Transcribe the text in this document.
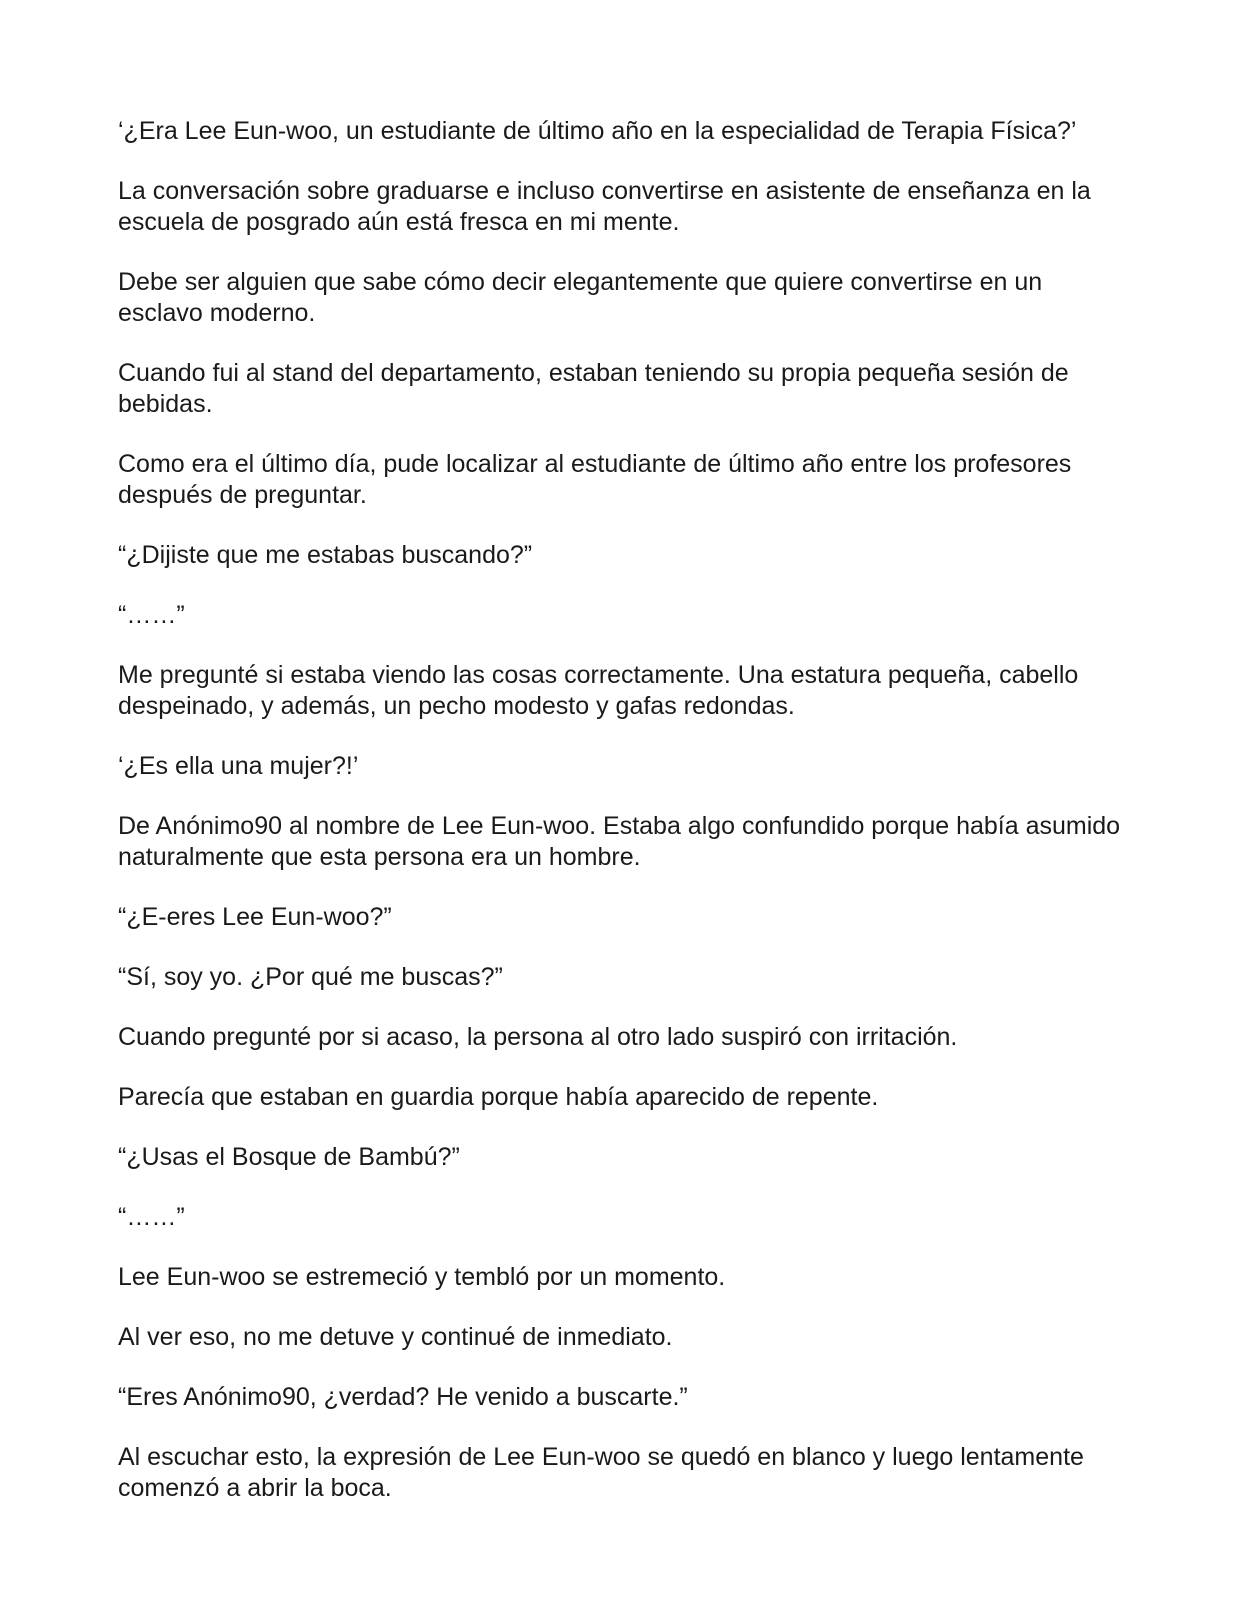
‘¿Era Lee Eun-woo, un estudiante de último año en la especialidad de Terapia Física?’

La conversación sobre graduarse e incluso convertirse en asistente de enseñanza en la escuela de posgrado aún está fresca en mi mente.

Debe ser alguien que sabe cómo decir elegantemente que quiere convertirse en un esclavo moderno.

Cuando fui al stand del departamento, estaban teniendo su propia pequeña sesión de bebidas.

Como era el último día, pude localizar al estudiante de último año entre los profesores después de preguntar.

“¿Dijiste que me estabas buscando?”

“……”

Me pregunté si estaba viendo las cosas correctamente. Una estatura pequeña, cabello despeinado, y además, un pecho modesto y gafas redondas.

‘¿Es ella una mujer?!’

De Anónimo90 al nombre de Lee Eun-woo. Estaba algo confundido porque había asumido naturalmente que esta persona era un hombre.

“¿E-eres Lee Eun-woo?”

“Sí, soy yo. ¿Por qué me buscas?”

Cuando pregunté por si acaso, la persona al otro lado suspiró con irritación.

Parecía que estaban en guardia porque había aparecido de repente.

“¿Usas el Bosque de Bambú?”

“……”

Lee Eun-woo se estremeció y tembló por un momento.

Al ver eso, no me detuve y continué de inmediato.

“Eres Anónimo90, ¿verdad? He venido a buscarte.”

Al escuchar esto, la expresión de Lee Eun-woo se quedó en blanco y luego lentamente comenzó a abrir la boca.
